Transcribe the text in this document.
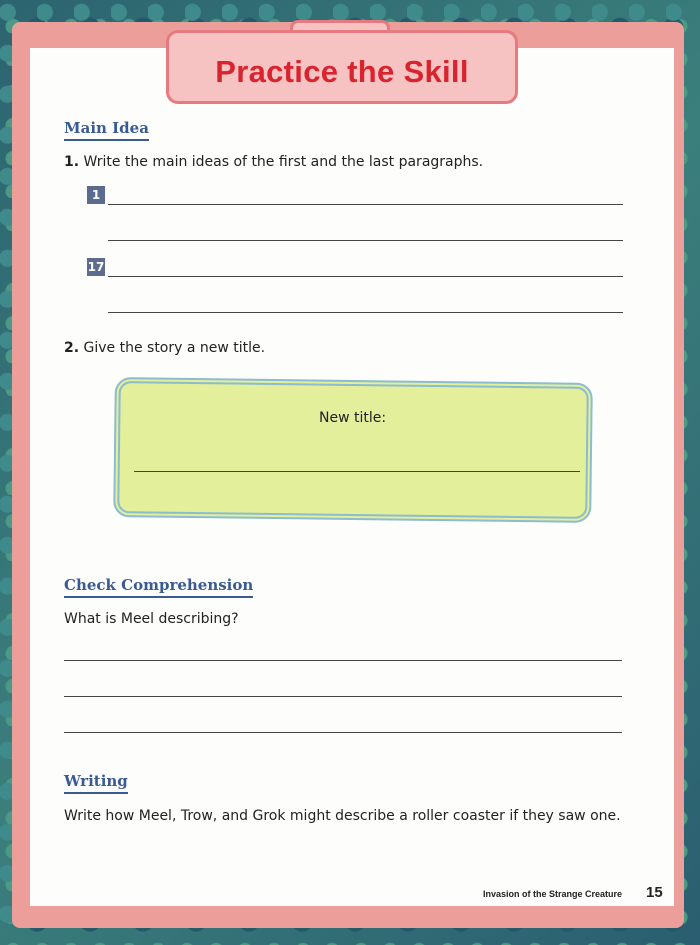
Practice the Skill
Main Idea
1. Write the main ideas of the first and the last paragraphs.
1
17
2. Give the story a new title.
New title:
Check Comprehension
What is Meel describing?
Writing
Write how Meel, Trow, and Grok might describe a roller coaster if they saw one.
Invasion of the Strange Creature 15
